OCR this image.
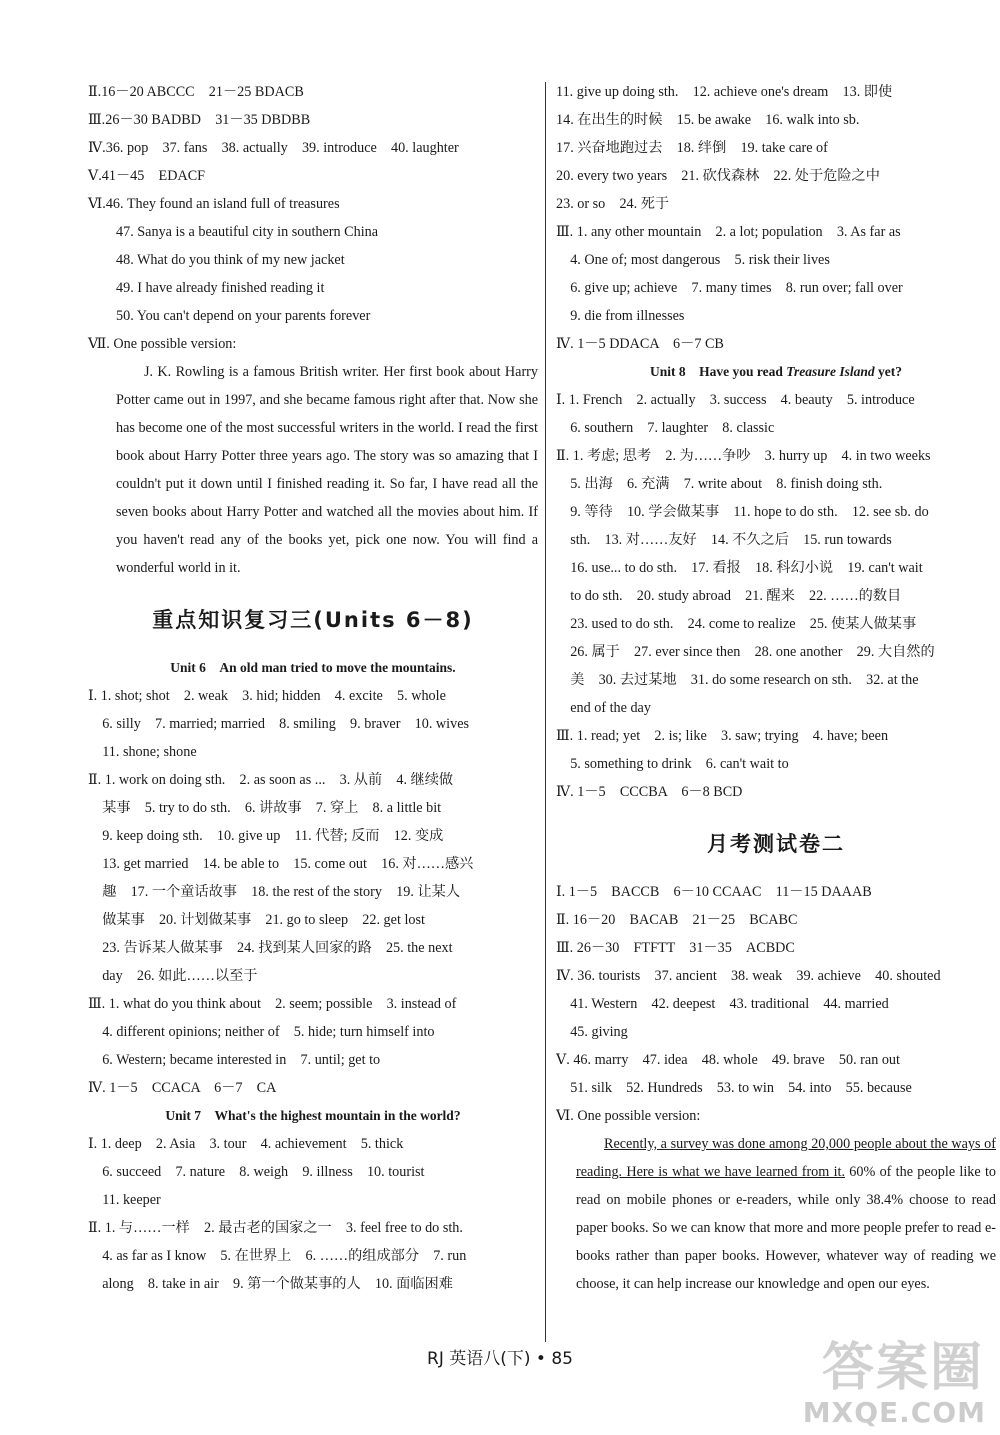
Ⅱ.16－20 ABCCC　21－25 BDACB
Ⅲ.26－30 BADBD　31－35 DBDBB
Ⅳ.36. pop　37. fans　38. actually　39. introduce　40. laughter
Ⅴ.41－45　EDACF
Ⅵ.46. They found an island full of treasures
47. Sanya is a beautiful city in southern China
48. What do you think of my new jacket
49. I have already finished reading it
50. You can't depend on your parents forever
Ⅶ. One possible version:
J. K. Rowling is a famous British writer. Her first book about Harry Potter came out in 1997, and she became famous right after that. Now she has become one of the most successful writers in the world. I read the first book about Harry Potter three years ago. The story was so amazing that I couldn't put it down until I finished reading it. So far, I have read all the seven books about Harry Potter and watched all the movies about him. If you haven't read any of the books yet, pick one now. You will find a wonderful world in it.
重点知识复习三(Units 6－8)
Unit 6　An old man tried to move the mountains.
Ⅰ. 1. shot; shot　2. weak　3. hid; hidden　4. excite　5. whole
　6. silly　7. married; married　8. smiling　9. braver　10. wives
　11. shone; shone
Ⅱ. 1. work on doing sth.　2. as soon as ...　3. 从前　4. 继续做
　某事　5. try to do sth.　6. 讲故事　7. 穿上　8. a little bit
　9. keep doing sth.　10. give up　11. 代替; 反而　12. 变成
　13. get married　14. be able to　15. come out　16. 对……感兴
　趣　17. 一个童话故事　18. the rest of the story　19. 让某人
　做某事　20. 计划做某事　21. go to sleep　22. get lost
　23. 告诉某人做某事　24. 找到某人回家的路　25. the next
　day　26. 如此……以至于
Ⅲ. 1. what do you think about　2. seem; possible　3. instead of
　4. different opinions; neither of　5. hide; turn himself into
　6. Western; became interested in　7. until; get to
Ⅳ. 1－5　CCACA　6－7　CA
Unit 7　What's the highest mountain in the world?
Ⅰ. 1. deep　2. Asia　3. tour　4. achievement　5. thick
　6. succeed　7. nature　8. weigh　9. illness　10. tourist
　11. keeper
Ⅱ. 1. 与……一样　2. 最古老的国家之一　3. feel free to do sth.
　4. as far as I know　5. 在世界上　6. ……的组成部分　7. run
　along　8. take in air　9. 第一个做某事的人　10. 面临困难
11. give up doing sth.　12. achieve one's dream　13. 即使
14. 在出生的时候　15. be awake　16. walk into sb.
17. 兴奋地跑过去　18. 绊倒　19. take care of
20. every two years　21. 砍伐森林　22. 处于危险之中
23. or so　24. 死于
Ⅲ. 1. any other mountain　2. a lot; population　3. As far as
　4. One of; most dangerous　5. risk their lives
　6. give up; achieve　7. many times　8. run over; fall over
　9. die from illnesses
Ⅳ. 1－5 DDACA　6－7 CB
Unit 8　Have you read Treasure Island yet?
Ⅰ. 1. French　2. actually　3. success　4. beauty　5. introduce
　6. southern　7. laughter　8. classic
Ⅱ. 1. 考虑; 思考　2. 为……争吵　3. hurry up　4. in two weeks
　5. 出海　6. 充满　7. write about　8. finish doing sth.
　9. 等待　10. 学会做某事　11. hope to do sth.　12. see sb. do
　sth.　13. 对……友好　14. 不久之后　15. run towards
　16. use... to do sth.　17. 看报　18. 科幻小说　19. can't wait
　to do sth.　20. study abroad　21. 醒来　22. ……的数目
　23. used to do sth.　24. come to realize　25. 使某人做某事
　26. 属于　27. ever since then　28. one another　29. 大自然的
　美　30. 去过某地　31. do some research on sth.　32. at the
　end of the day
Ⅲ. 1. read; yet　2. is; like　3. saw; trying　4. have; been
　5. something to drink　6. can't wait to
Ⅳ. 1－5　CCCBA　6－8 BCD
月考测试卷二
Ⅰ. 1－5　BACCB　6－10 CCAAC　11－15 DAAAB
Ⅱ. 16－20　BACAB　21－25　BCABC
Ⅲ. 26－30　FTFTT　31－35　ACBDC
Ⅳ. 36. tourists　37. ancient　38. weak　39. achieve　40. shouted
　41. Western　42. deepest　43. traditional　44. married
　45. giving
Ⅴ. 46. marry　47. idea　48. whole　49. brave　50. ran out
　51. silk　52. Hundreds　53. to win　54. into　55. because
Ⅵ. One possible version:
Recently, a survey was done among 20,000 people about the ways of reading. Here is what we have learned from it. 60% of the people like to read on mobile phones or e-readers, while only 38.4% choose to read paper books. So we can know that more and more people prefer to read e-books rather than paper books. However, whatever way of reading we choose, it can help increase our knowledge and open our eyes.
RJ 英语八(下) • 85	答案圈
MXQE.COM
